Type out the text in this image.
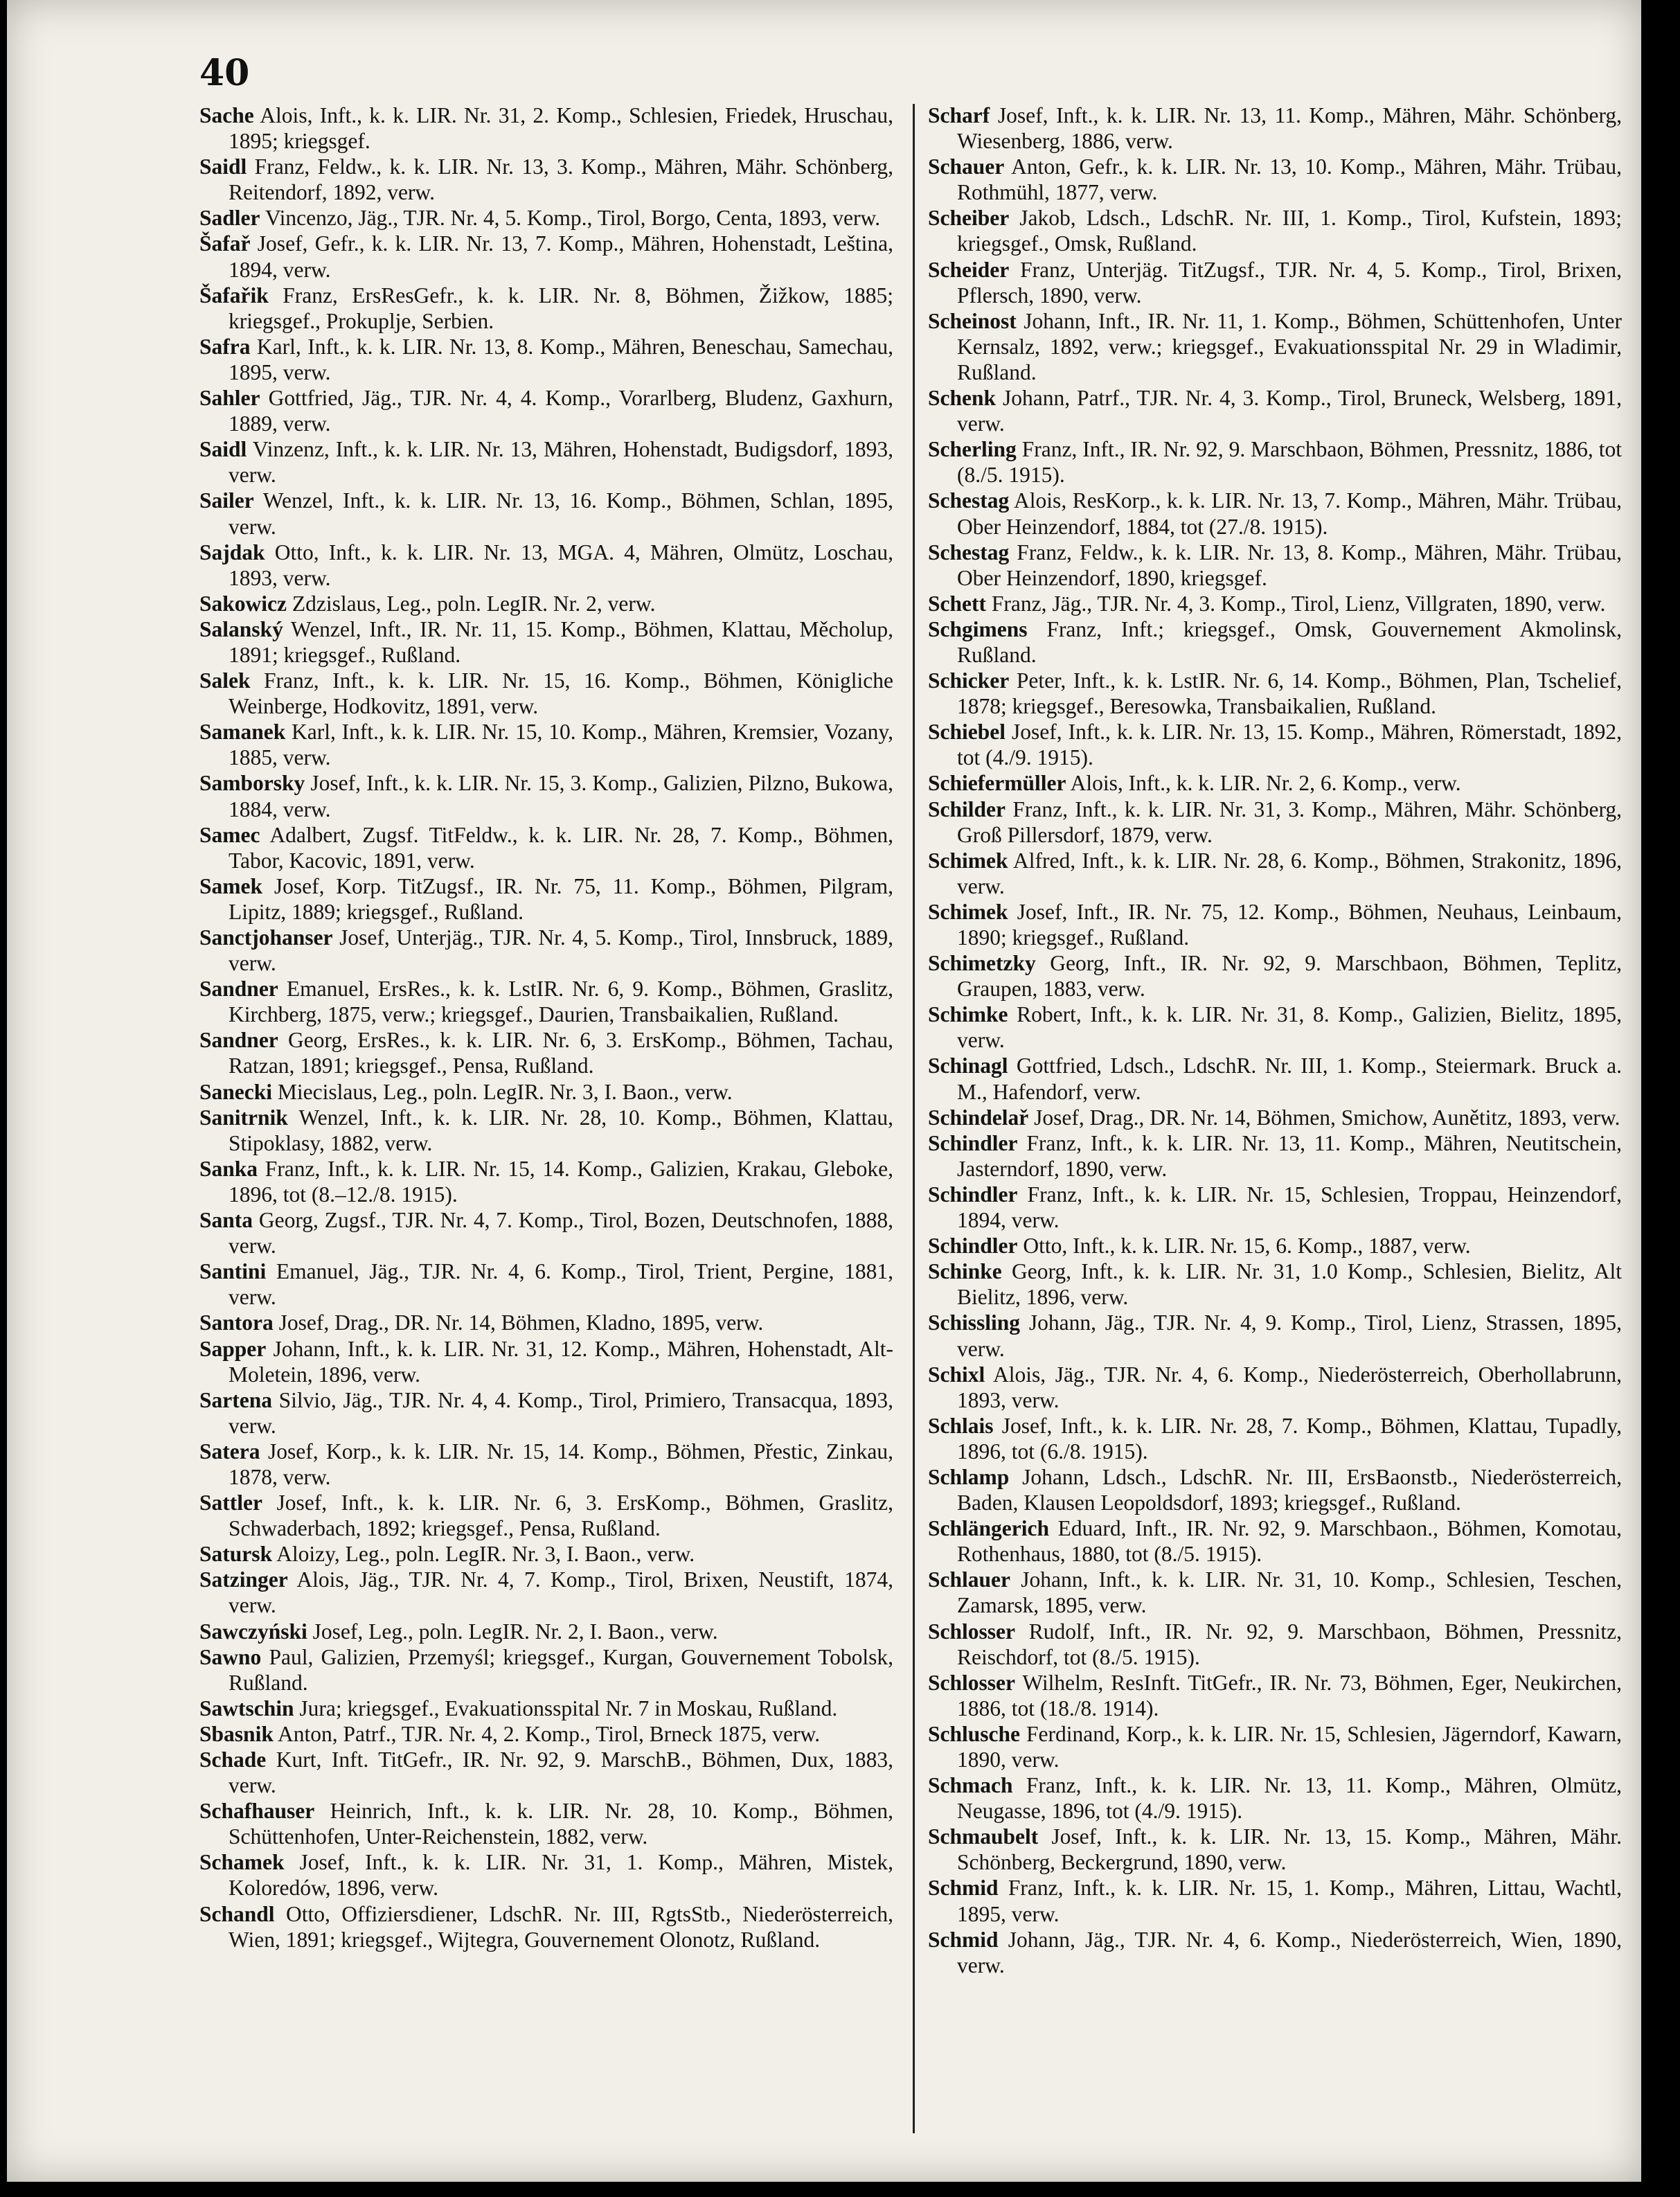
40

Sache Alois, Inft., k. k. LIR. Nr. 31, 2. Komp., Schlesien, Friedek, Hruschau, 1895; kriegsgef.

Saidl Franz, Feldw., k. k. LIR. Nr. 13, 3. Komp., Mähren, Mähr. Schönberg, Reitendorf, 1892, verw.

Sadler Vincenzo, Jäg., TJR. Nr. 4, 5. Komp., Tirol, Borgo, Centa, 1893, verw.

Šafař Josef, Gefr., k. k. LIR. Nr. 13, 7. Komp., Mähren, Hohenstadt, Leština, 1894, verw.

Šafařik Franz, ErsResGefr., k. k. LIR. Nr. 8, Böhmen, Žižkow, 1885; kriegsgef., Prokuplje, Serbien.

Safra Karl, Inft., k. k. LIR. Nr. 13, 8. Komp., Mähren, Beneschau, Samechau, 1895, verw.

Sahler Gottfried, Jäg., TJR. Nr. 4, 4. Komp., Vorarlberg, Bludenz, Gaxhurn, 1889, verw.

Saidl Vinzenz, Inft., k. k. LIR. Nr. 13, Mähren, Hohenstadt, Budigsdorf, 1893, verw.

Sailer Wenzel, Inft., k. k. LIR. Nr. 13, 16. Komp., Böhmen, Schlan, 1895, verw.

Sajdak Otto, Inft., k. k. LIR. Nr. 13, MGA. 4, Mähren, Olmütz, Loschau, 1893, verw.

Sakowicz Zdzislaus, Leg., poln. LegIR. Nr. 2, verw.

Salanský Wenzel, Inft., IR. Nr. 11, 15. Komp., Böhmen, Klattau, Měcholup, 1891; kriegsgef., Rußland.

Salek Franz, Inft., k. k. LIR. Nr. 15, 16. Komp., Böhmen, Königliche Weinberge, Hodkovitz, 1891, verw.

Samanek Karl, Inft., k. k. LIR. Nr. 15, 10. Komp., Mähren, Kremsier, Vozany, 1885, verw.

Samborsky Josef, Inft., k. k. LIR. Nr. 15, 3. Komp., Galizien, Pilzno, Bukowa, 1884, verw.

Samec Adalbert, Zugsf. TitFeldw., k. k. LIR. Nr. 28, 7. Komp., Böhmen, Tabor, Kacovic, 1891, verw.

Samek Josef, Korp. TitZugsf., IR. Nr. 75, 11. Komp., Böhmen, Pilgram, Lipitz, 1889; kriegsgef., Rußland.

Sanctjohanser Josef, Unterjäg., TJR. Nr. 4, 5. Komp., Tirol, Innsbruck, 1889, verw.

Sandner Emanuel, ErsRes., k. k. LstIR. Nr. 6, 9. Komp., Böhmen, Graslitz, Kirchberg, 1875, verw.; kriegsgef., Daurien, Transbaikalien, Rußland.

Sandner Georg, ErsRes., k. k. LIR. Nr. 6, 3. ErsKomp., Böhmen, Tachau, Ratzan, 1891; kriegsgef., Pensa, Rußland.

Sanecki Miecislaus, Leg., poln. LegIR. Nr. 3, I. Baon., verw.

Sanitrnik Wenzel, Inft., k. k. LIR. Nr. 28, 10. Komp., Böhmen, Klattau, Stipoklasy, 1882, verw.

Sanka Franz, Inft., k. k. LIR. Nr. 15, 14. Komp., Galizien, Krakau, Gleboke, 1896, tot (8.–12./8. 1915).

Santa Georg, Zugsf., TJR. Nr. 4, 7. Komp., Tirol, Bozen, Deutschnofen, 1888, verw.

Santini Emanuel, Jäg., TJR. Nr. 4, 6. Komp., Tirol, Trient, Pergine, 1881, verw.

Santora Josef, Drag., DR. Nr. 14, Böhmen, Kladno, 1895, verw.

Sapper Johann, Inft., k. k. LIR. Nr. 31, 12. Komp., Mähren, Hohenstadt, Alt-Moletein, 1896, verw.

Sartena Silvio, Jäg., TJR. Nr. 4, 4. Komp., Tirol, Primiero, Transacqua, 1893, verw.

Satera Josef, Korp., k. k. LIR. Nr. 15, 14. Komp., Böhmen, Přestic, Zinkau, 1878, verw.

Sattler Josef, Inft., k. k. LIR. Nr. 6, 3. ErsKomp., Böhmen, Graslitz, Schwaderbach, 1892; kriegsgef., Pensa, Rußland.

Satursk Aloizy, Leg., poln. LegIR. Nr. 3, I. Baon., verw.

Satzinger Alois, Jäg., TJR. Nr. 4, 7. Komp., Tirol, Brixen, Neustift, 1874, verw.

Sawczyński Josef, Leg., poln. LegIR. Nr. 2, I. Baon., verw.

Sawno Paul, Galizien, Przemyśl; kriegsgef., Kurgan, Gouvernement Tobolsk, Rußland.

Sawtschin Jura; kriegsgef., Evakuationsspital Nr. 7 in Moskau, Rußland.

Sbasnik Anton, Patrf., TJR. Nr. 4, 2. Komp., Tirol, Brneck 1875, verw.

Schade Kurt, Inft. TitGefr., IR. Nr. 92, 9. MarschB., Böhmen, Dux, 1883, verw.

Schafhauser Heinrich, Inft., k. k. LIR. Nr. 28, 10. Komp., Böhmen, Schüttenhofen, Unter-Reichenstein, 1882, verw.

Schamek Josef, Inft., k. k. LIR. Nr. 31, 1. Komp., Mähren, Mistek, Koloredów, 1896, verw.

Schandl Otto, Offiziersdiener, LdschR. Nr. III, RgtsStb., Niederösterreich, Wien, 1891; kriegsgef., Wijtegra, Gouvernement Olonotz, Rußland.

Scharf Josef, Inft., k. k. LIR. Nr. 13, 11. Komp., Mähren, Mähr. Schönberg, Wiesenberg, 1886, verw.

Schauer Anton, Gefr., k. k. LIR. Nr. 13, 10. Komp., Mähren, Mähr. Trübau, Rothmühl, 1877, verw.

Scheiber Jakob, Ldsch., LdschR. Nr. III, 1. Komp., Tirol, Kufstein, 1893; kriegsgef., Omsk, Rußland.

Scheider Franz, Unterjäg. TitZugsf., TJR. Nr. 4, 5. Komp., Tirol, Brixen, Pflersch, 1890, verw.

Scheinost Johann, Inft., IR. Nr. 11, 1. Komp., Böhmen, Schüttenhofen, Unter Kernsalz, 1892, verw.; kriegsgef., Evakuationsspital Nr. 29 in Wladimir, Rußland.

Schenk Johann, Patrf., TJR. Nr. 4, 3. Komp., Tirol, Bruneck, Welsberg, 1891, verw.

Scherling Franz, Inft., IR. Nr. 92, 9. Marschbaon, Böhmen, Pressnitz, 1886, tot (8./5. 1915).

Schestag Alois, ResKorp., k. k. LIR. Nr. 13, 7. Komp., Mähren, Mähr. Trübau, Ober Heinzendorf, 1884, tot (27./8. 1915).

Schestag Franz, Feldw., k. k. LIR. Nr. 13, 8. Komp., Mähren, Mähr. Trübau, Ober Heinzendorf, 1890, kriegsgef.

Schett Franz, Jäg., TJR. Nr. 4, 3. Komp., Tirol, Lienz, Villgraten, 1890, verw.

Schgimens Franz, Inft.; kriegsgef., Omsk, Gouvernement Akmolinsk, Rußland.

Schicker Peter, Inft., k. k. LstIR. Nr. 6, 14. Komp., Böhmen, Plan, Tschelief, 1878; kriegsgef., Beresowka, Transbaikalien, Rußland.

Schiebel Josef, Inft., k. k. LIR. Nr. 13, 15. Komp., Mähren, Römerstadt, 1892, tot (4./9. 1915).

Schiefermüller Alois, Inft., k. k. LIR. Nr. 2, 6. Komp., verw.

Schilder Franz, Inft., k. k. LIR. Nr. 31, 3. Komp., Mähren, Mähr. Schönberg, Groß Pillersdorf, 1879, verw.

Schimek Alfred, Inft., k. k. LIR. Nr. 28, 6. Komp., Böhmen, Strakonitz, 1896, verw.

Schimek Josef, Inft., IR. Nr. 75, 12. Komp., Böhmen, Neuhaus, Leinbaum, 1890; kriegsgef., Rußland.

Schimetzky Georg, Inft., IR. Nr. 92, 9. Marschbaon, Böhmen, Teplitz, Graupen, 1883, verw.

Schimke Robert, Inft., k. k. LIR. Nr. 31, 8. Komp., Galizien, Bielitz, 1895, verw.

Schinagl Gottfried, Ldsch., LdschR. Nr. III, 1. Komp., Steiermark. Bruck a. M., Hafendorf, verw.

Schindelař Josef, Drag., DR. Nr. 14, Böhmen, Smichow, Aunětitz, 1893, verw.

Schindler Franz, Inft., k. k. LIR. Nr. 13, 11. Komp., Mähren, Neutitschein, Jasterndorf, 1890, verw.

Schindler Franz, Inft., k. k. LIR. Nr. 15, Schlesien, Troppau, Heinzendorf, 1894, verw.

Schindler Otto, Inft., k. k. LIR. Nr. 15, 6. Komp., 1887, verw.

Schinke Georg, Inft., k. k. LIR. Nr. 31, 1.0 Komp., Schlesien, Bielitz, Alt Bielitz, 1896, verw.

Schissling Johann, Jäg., TJR. Nr. 4, 9. Komp., Tirol, Lienz, Strassen, 1895, verw.

Schixl Alois, Jäg., TJR. Nr. 4, 6. Komp., Niederösterreich, Oberhollabrunn, 1893, verw.

Schlais Josef, Inft., k. k. LIR. Nr. 28, 7. Komp., Böhmen, Klattau, Tupadly, 1896, tot (6./8. 1915).

Schlamp Johann, Ldsch., LdschR. Nr. III, ErsBaonstb., Niederösterreich, Baden, Klausen Leopoldsdorf, 1893; kriegsgef., Rußland.

Schlängerich Eduard, Inft., IR. Nr. 92, 9. Marschbaon., Böhmen, Komotau, Rothenhaus, 1880, tot (8./5. 1915).

Schlauer Johann, Inft., k. k. LIR. Nr. 31, 10. Komp., Schlesien, Teschen, Zamarsk, 1895, verw.

Schlosser Rudolf, Inft., IR. Nr. 92, 9. Marschbaon, Böhmen, Pressnitz, Reischdorf, tot (8./5. 1915).

Schlosser Wilhelm, ResInft. TitGefr., IR. Nr. 73, Böhmen, Eger, Neukirchen, 1886, tot (18./8. 1914).

Schlusche Ferdinand, Korp., k. k. LIR. Nr. 15, Schlesien, Jägerndorf, Kawarn, 1890, verw.

Schmach Franz, Inft., k. k. LIR. Nr. 13, 11. Komp., Mähren, Olmütz, Neugasse, 1896, tot (4./9. 1915).

Schmaubelt Josef, Inft., k. k. LIR. Nr. 13, 15. Komp., Mähren, Mähr. Schönberg, Beckergrund, 1890, verw.

Schmid Franz, Inft., k. k. LIR. Nr. 15, 1. Komp., Mähren, Littau, Wachtl, 1895, verw.

Schmid Johann, Jäg., TJR. Nr. 4, 6. Komp., Niederösterreich, Wien, 1890, verw.
